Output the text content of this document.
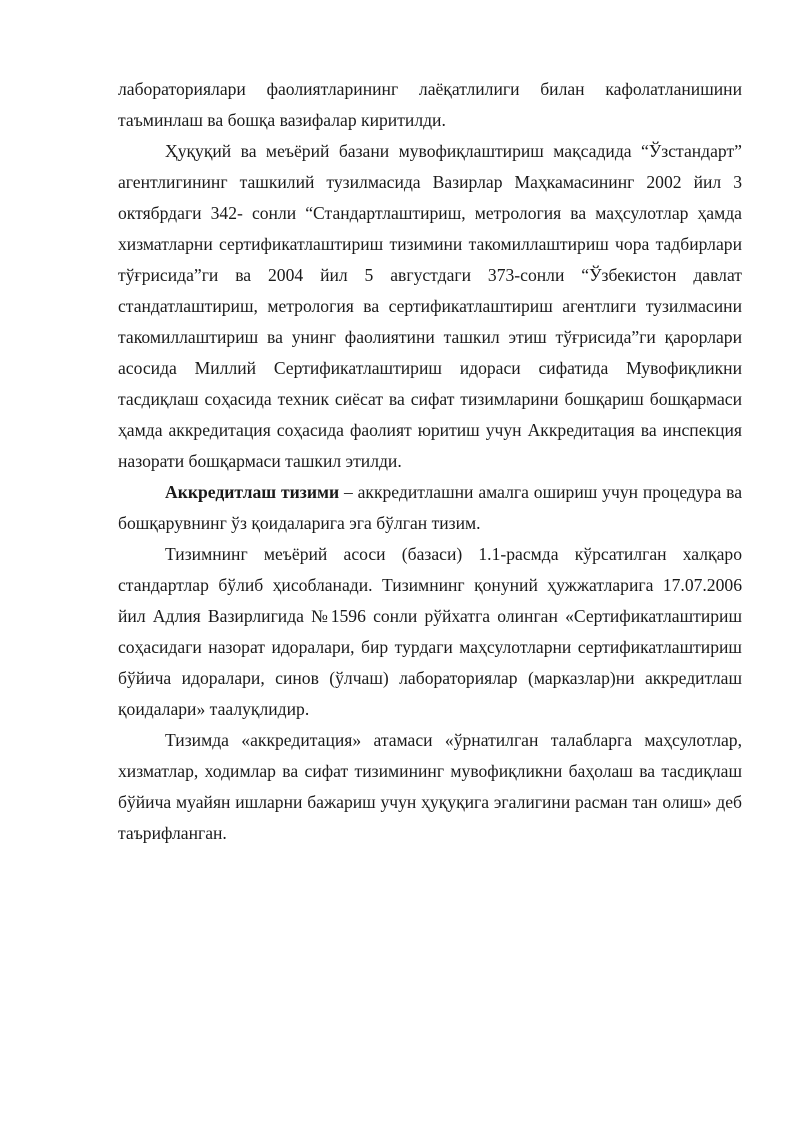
лабораториялари фаолиятларининг лаёқатлилиги билан кафолатланишини таъминлаш ва бошқа вазифалар киритилди.

Ҳуқуқий ва меъёрий базани мувофиқлаштириш мақсадида “Ўзстандарт” агентлигининг ташкилий тузилмасида Вазирлар Маҳкамасининг 2002 йил 3 октябрдаги 342- сонли “Стандартлаштириш, метрология ва маҳсулотлар ҳамда хизматларни сертификатлаштириш тизимини такомиллаштириш чора тадбирлари тўғрисида”ги ва 2004 йил 5 августдаги 373-сонли “Ўзбекистон давлат стандатлаштириш, метрология ва сертификатлаштириш агентлиги тузилмасини такомиллаштириш ва унинг фаолиятини ташкил этиш тўғрисида”ги қарорлари асосида Миллий Сертификатлаштириш идораси сифатида Мувофиқликни тасдиқлаш соҳасида техник сиёсат ва сифат тизимларини бошқариш бошқармаси ҳамда аккредитация соҳасида фаолият юритиш учун Аккредитация ва инспекция назорати бошқармаси ташкил этилди.

Аккредитлаш тизими – аккредитлашни амалга ошириш учун процедура ва бошқарувнинг ўз қоидаларига эга бўлган тизим.

Тизимнинг меъёрий асоси (базаси) 1.1-расмда кўрсатилган халқаро стандартлар бўлиб ҳисобланади. Тизимнинг қонуний ҳужжатларига 17.07.2006 йил Адлия Вазирлигида №1596 сонли рўйхатга олинган «Сертификатлаштириш соҳасидаги назорат идоралари, бир турдаги маҳсулотларни сертификатлаштириш бўйича идоралари, синов (ўлчаш) лабораториялар (марказлар)ни аккредитлаш қоидалари» таалуқлидир.

Тизимда «аккредитация» атамаси «ўрнатилган талабларга маҳсулотлар, хизматлар, ходимлар ва сифат тизимининг мувофиқликни баҳолаш ва тасдиқлаш бўйича муайян ишларни бажариш учун ҳуқуқига эгалигини расман тан олиш» деб таърифланган.
